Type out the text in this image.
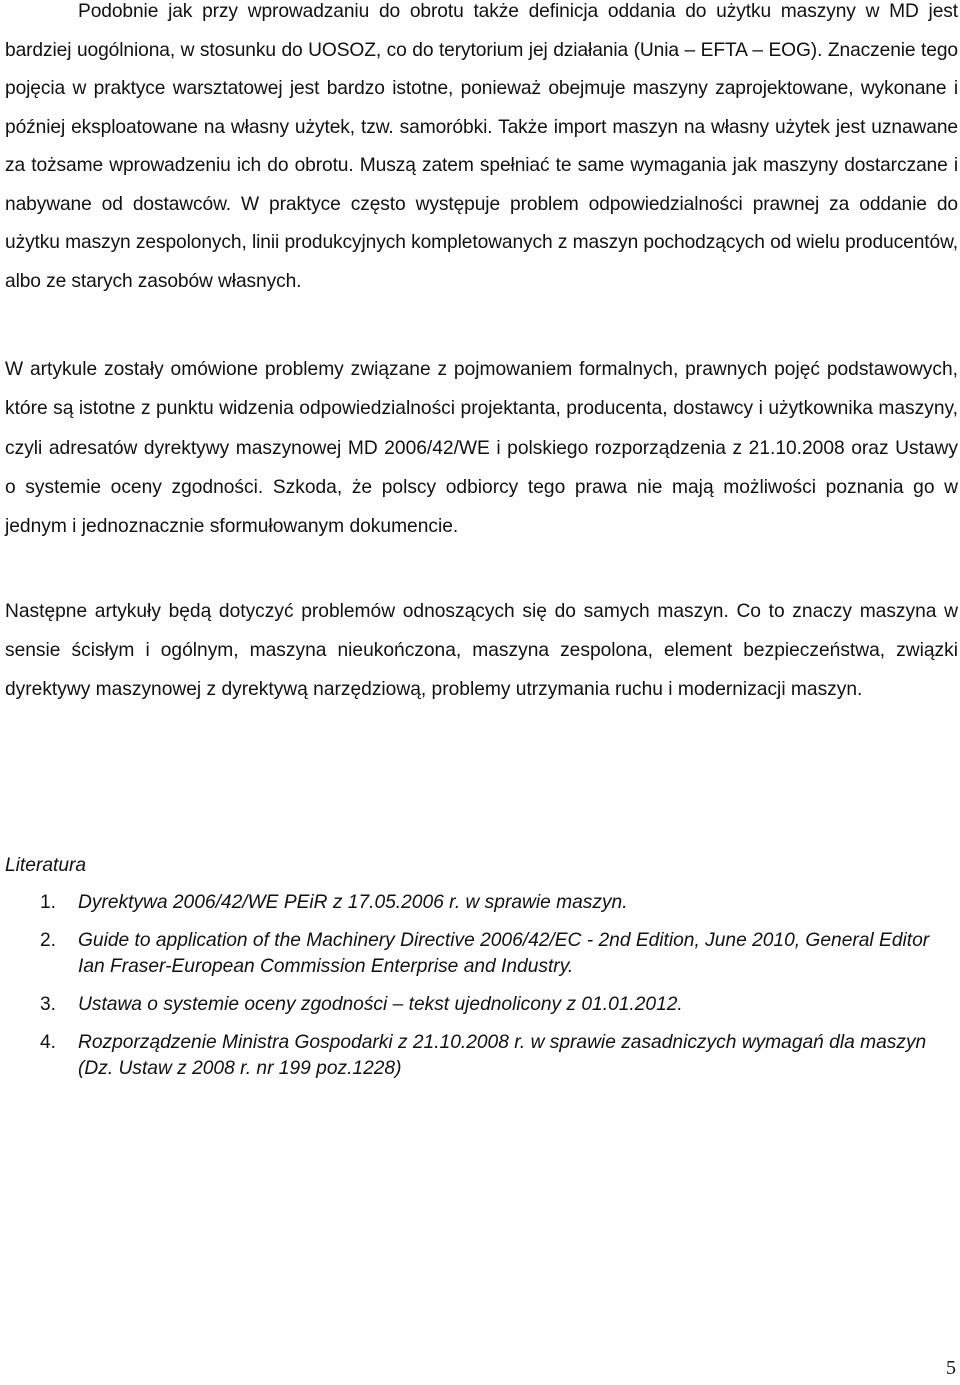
Podobnie jak przy wprowadzaniu do obrotu także definicja oddania do użytku maszyny w MD jest bardziej uogólniona, w stosunku do UOSOZ, co do terytorium jej działania (Unia – EFTA – EOG). Znaczenie tego pojęcia w praktyce warsztatowej jest bardzo istotne, ponieważ obejmuje maszyny zaprojektowane, wykonane i później eksploatowane na własny użytek, tzw. samoróbki. Także import maszyn na własny użytek jest uznawane za tożsame wprowadzeniu ich do obrotu. Muszą zatem spełniać te same wymagania jak maszyny dostarczane i nabywane od dostawców. W praktyce często występuje problem odpowiedzialności prawnej za oddanie do użytku maszyn zespolonych, linii produkcyjnych kompletowanych z maszyn pochodzących od wielu producentów, albo ze starych zasobów własnych.

W artykule zostały omówione problemy związane z pojmowaniem formalnych, prawnych pojęć podstawowych, które są istotne z punktu widzenia odpowiedzialności projektanta, producenta, dostawcy i użytkownika maszyny, czyli adresatów dyrektywy maszynowej MD 2006/42/WE i polskiego rozporządzenia z 21.10.2008 oraz Ustawy o systemie oceny zgodności. Szkoda, że polscy odbiorcy tego prawa nie mają możliwości poznania go w jednym i jednoznacznie sformułowanym dokumencie.

Następne artykuły będą dotyczyć problemów odnoszących się do samych maszyn. Co to znaczy maszyna w sensie ścisłym i ogólnym, maszyna nieukończona, maszyna zespolona, element bezpieczeństwa, związki dyrektywy maszynowej z dyrektywą narzędziową, problemy utrzymania ruchu i modernizacji maszyn.

Literatura
1. Dyrektywa 2006/42/WE PEiR z 17.05.2006 r. w sprawie maszyn.
2. Guide to application of the Machinery Directive 2006/42/EC - 2nd Edition, June 2010, General Editor Ian Fraser-European Commission Enterprise and Industry.
3. Ustawa o systemie oceny zgodności – tekst ujednolicony z 01.01.2012.
4. Rozporządzenie Ministra Gospodarki z 21.10.2008 r. w sprawie zasadniczych wymagań dla maszyn (Dz. Ustaw z 2008 r. nr 199 poz.1228)
5
